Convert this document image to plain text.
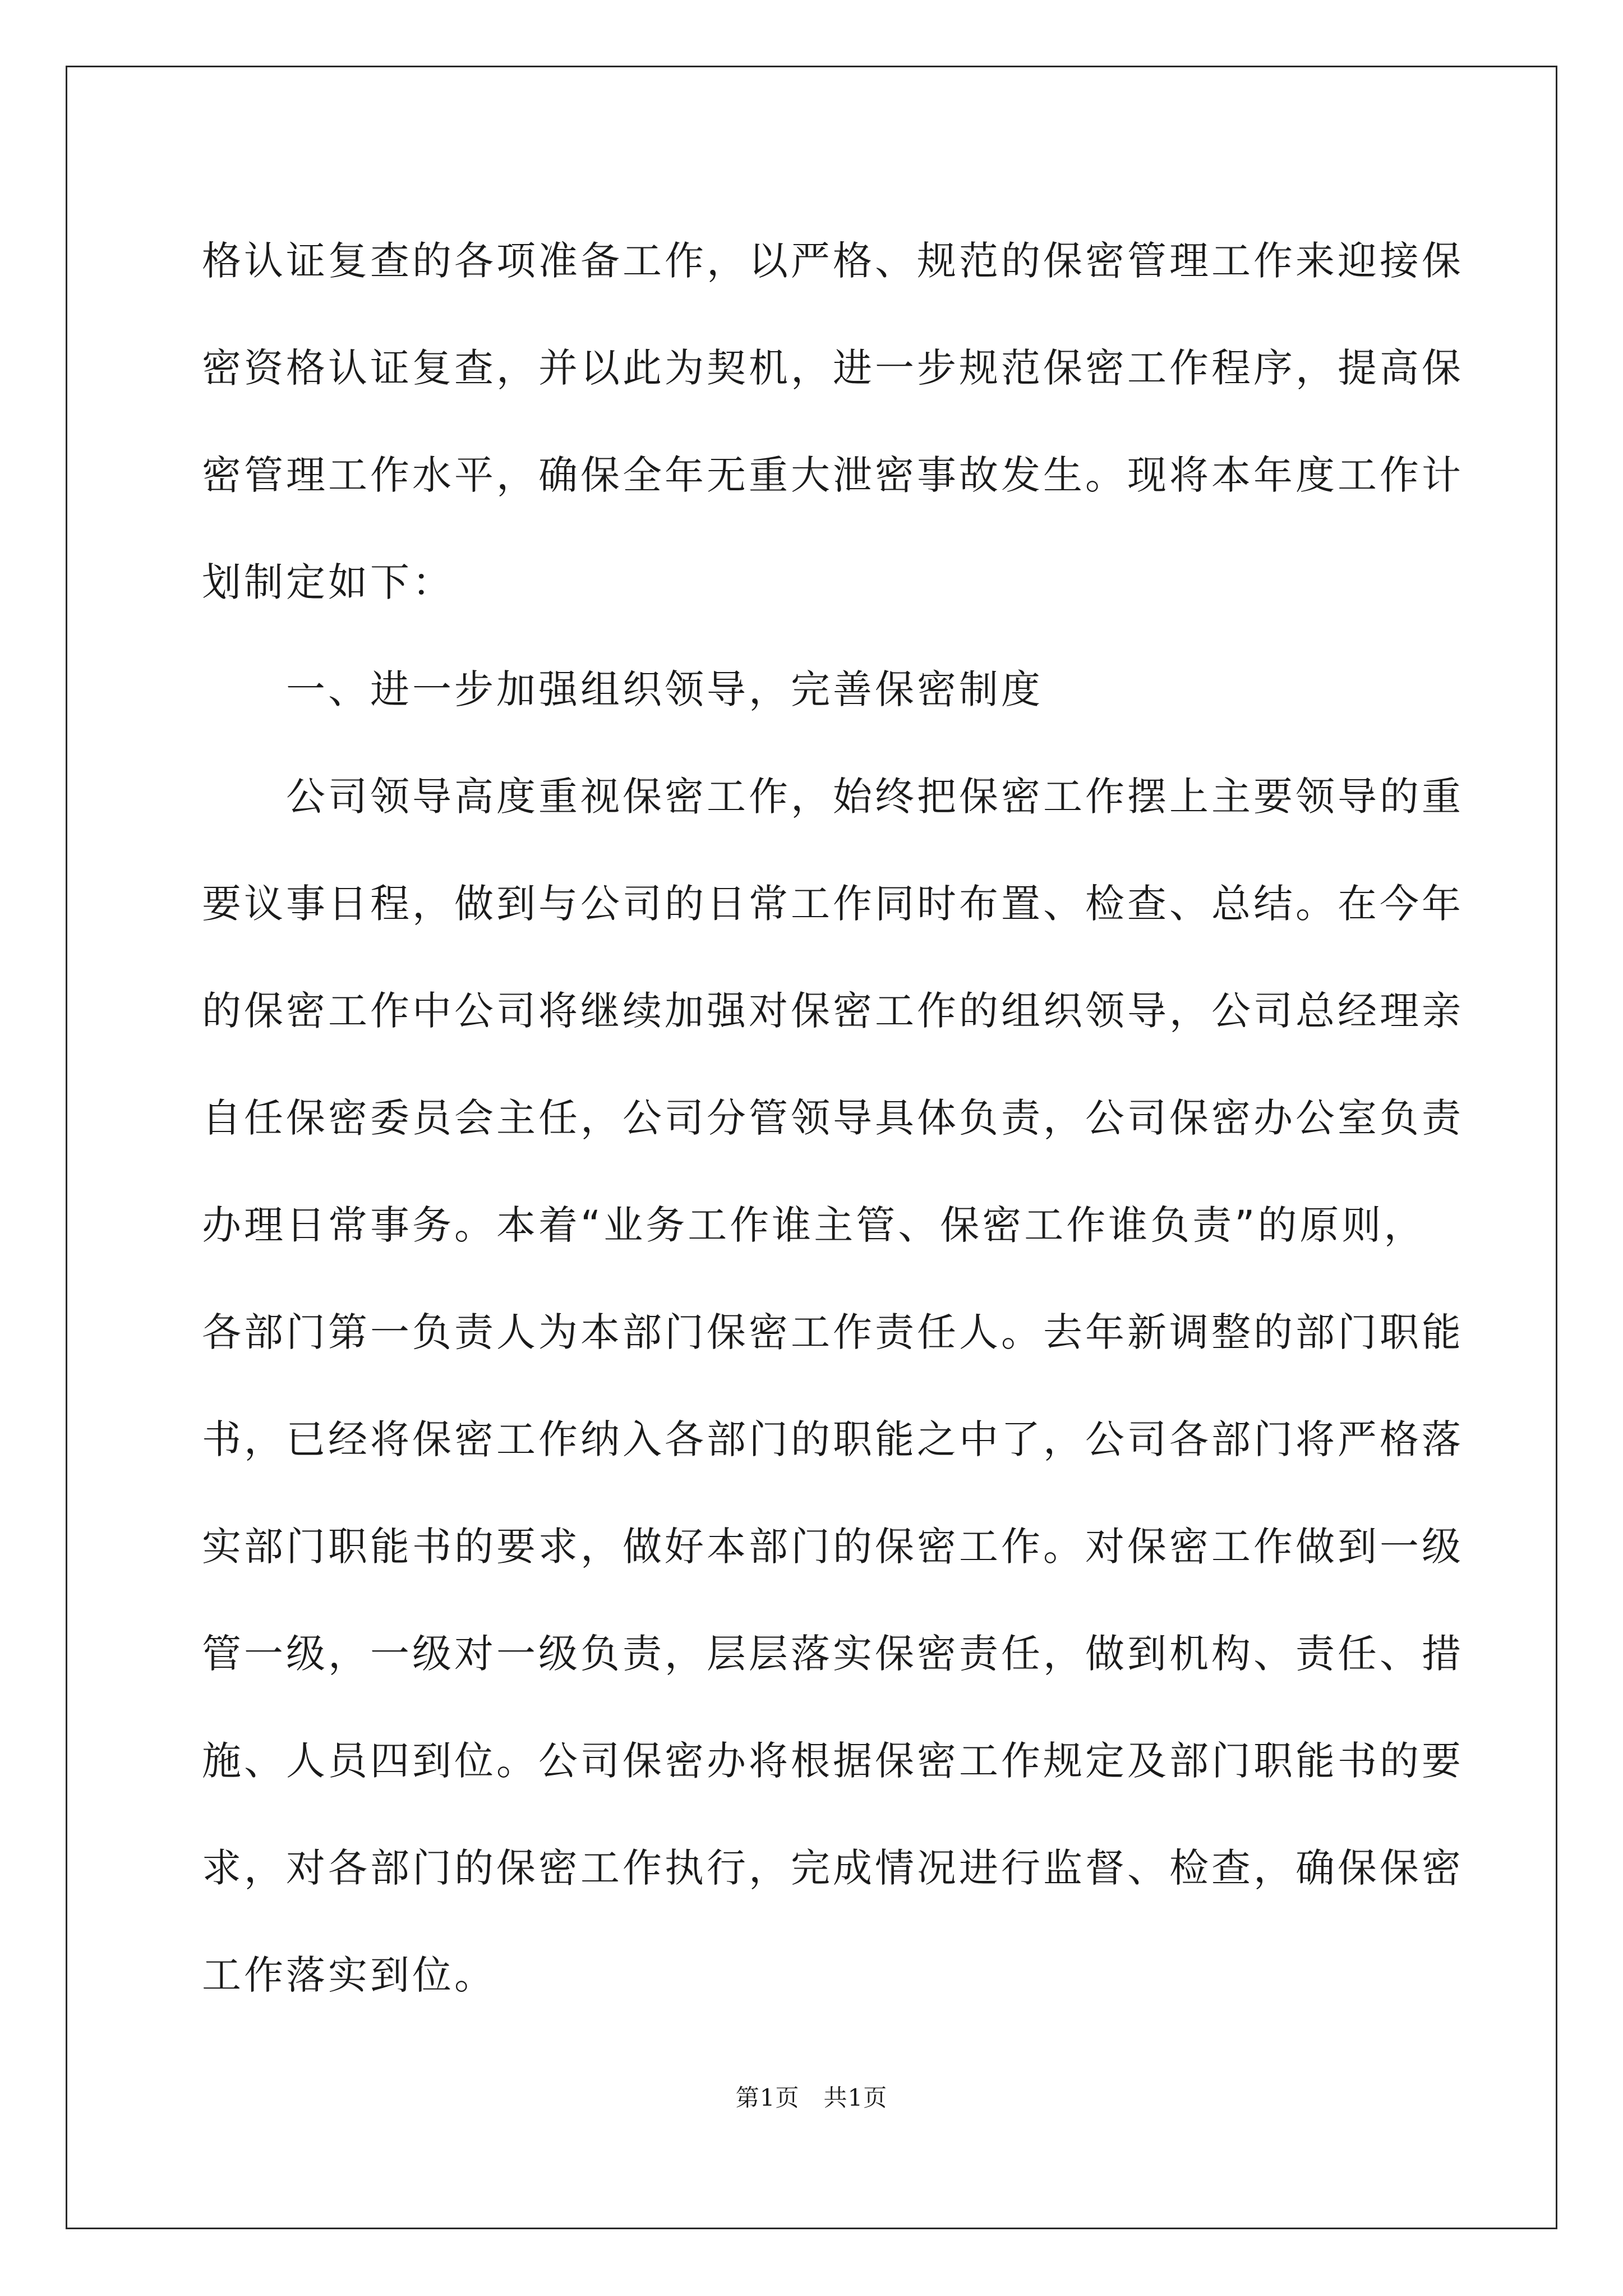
格认证复查的各项准备工作，以严格、规范的保密管理工作来迎接保
密资格认证复查，并以此为契机，进一步规范保密工作程序，提高保
密管理工作水平，确保全年无重大泄密事故发生。现将本年度工作计
划制定如下：
一、进一步加强组织领导，完善保密制度
公司领导高度重视保密工作，始终把保密工作摆上主要领导的重
要议事日程，做到与公司的日常工作同时布置、检查、总结。在今年
的保密工作中公司将继续加强对保密工作的组织领导，公司总经理亲
自任保密委员会主任，公司分管领导具体负责，公司保密办公室负责
办理日常事务。本着“业务工作谁主管、保密工作谁负责”的原则，
各部门第一负责人为本部门保密工作责任人。去年新调整的部门职能
书，已经将保密工作纳入各部门的职能之中了，公司各部门将严格落
实部门职能书的要求，做好本部门的保密工作。对保密工作做到一级
管一级，一级对一级负责，层层落实保密责任，做到机构、责任、措
施、人员四到位。公司保密办将根据保密工作规定及部门职能书的要
求，对各部门的保密工作执行，完成情况进行监督、检查，确保保密
工作落实到位。
第1页　共1页
